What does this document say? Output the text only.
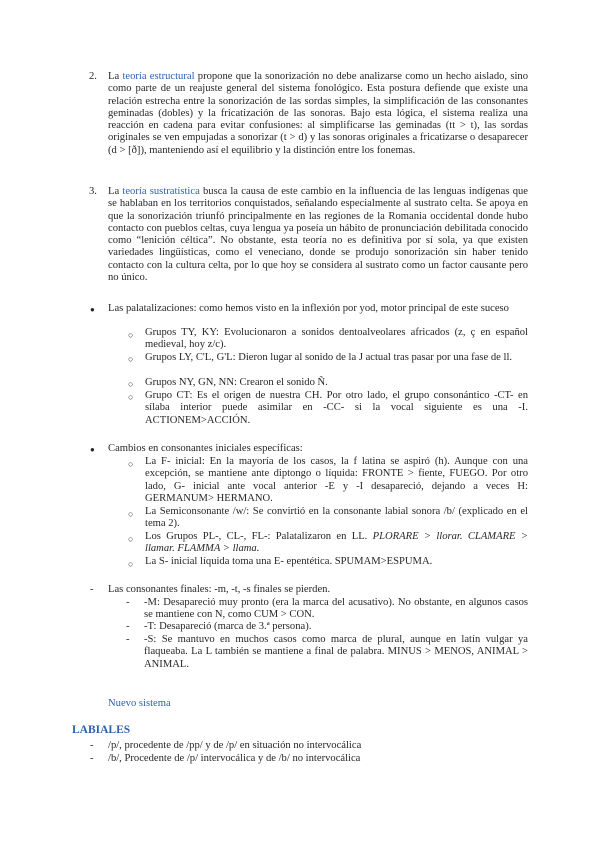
2. La teoría estructural propone que la sonorización no debe analizarse como un hecho aislado, sino como parte de un reajuste general del sistema fonológico. Esta postura defiende que existe una relación estrecha entre la sonorización de las sordas simples, la simplificación de las consonantes geminadas (dobles) y la fricatización de las sonoras. Bajo esta lógica, el sistema realiza una reacción en cadena para evitar confusiones: al simplificarse las geminadas (tt > t), las sordas originales se ven empujadas a sonorizar (t > d) y las sonoras originales a fricatizarse o desaparecer (d > [ð]), manteniendo así el equilibrio y la distinción entre los fonemas.
3. La teoría sustratística busca la causa de este cambio en la influencia de las lenguas indígenas que se hablaban en los territorios conquistados, señalando especialmente al sustrato celta. Se apoya en que la sonorización triunfó principalmente en las regiones de la Romania occidental donde hubo contacto con pueblos celtas, cuya lengua ya poseía un hábito de pronunciación debilitada conocido como “lenición céltica”. No obstante, esta teoría no es definitiva por sí sola, ya que existen variedades lingüísticas, como el veneciano, donde se produjo sonorización sin haber tenido contacto con la cultura celta, por lo que hoy se considera al sustrato como un factor causante pero no único.
● Las palatalizaciones: como hemos visto en la inflexión por yod, motor principal de este suceso
○ Grupos TY, KY: Evolucionaron a sonidos dentoalveolares africados (z, ç en español medieval, hoy z/c).
○ Grupos LY, C'L, G'L: Dieron lugar al sonido de la J actual tras pasar por una fase de ll.
○ Grupos NY, GN, NN: Crearon el sonido Ñ.
○ Grupo CT: Es el origen de nuestra CH. Por otro lado, el grupo consonántico -CT- en sílaba interior puede asimilar en -CC- si la vocal siguiente es una -I. ACTIONEM>ACCIÓN.
● Cambios en consonantes iniciales específicas:
○ La F- inicial: En la mayoría de los casos, la f latina se aspiró (h). Aunque con una excepción, se mantiene ante diptongo o líquida: FRONTE > fiente, FUEGO. Por otro lado, G- inicial ante vocal anterior -E y -I desapareció, dejando a veces H: GERMANUM> HERMANO.
○ La Semiconsonante /w/: Se convirtió en la consonante labial sonora /b/ (explicado en el tema 2).
○ Los Grupos PL-, CL-, FL-: Palatalizaron en LL. PLORARE > llorar. CLAMARE > llamar. FLAMMA > llama.
○ La S- inicial líquida toma una E- epentética. SPUMAM>ESPUMA.
- Las consonantes finales: -m, -t, -s finales se pierden.
- -M: Desapareció muy pronto (era la marca del acusativo). No obstante, en algunos casos se mantiene con N, como CUM > CON.
- -T: Desapareció (marca de 3.ª persona).
- -S: Se mantuvo en muchos casos como marca de plural, aunque en latín vulgar ya flaqueaba. La L también se mantiene a final de palabra. MINUS > MENOS, ANIMAL > ANIMAL.
Nuevo sistema
LABIALES
- /p/, procedente de /pp/ y de /p/ en situación no intervocálica
- /b/, Procedente de /p/ intervocálica y de /b/ no intervocálica
